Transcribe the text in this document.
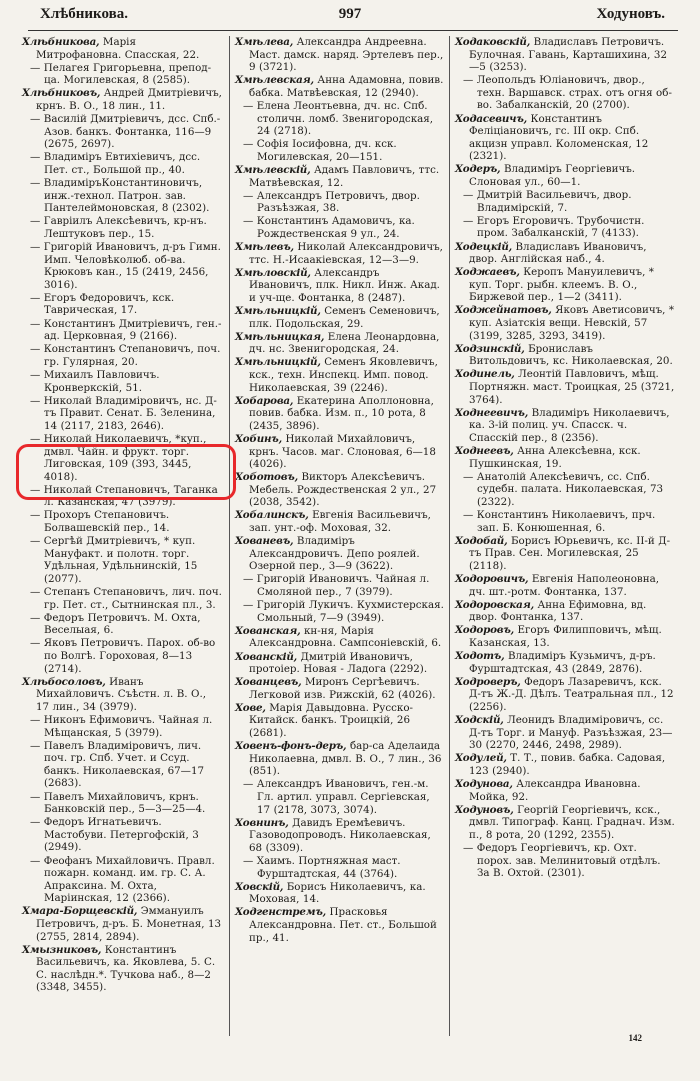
Хлѣбникова.	997	Ходуновъ.
Хлѣбникова, Марія Митрофановна. Спасская, 22.
— Пелагея Григорьевна, препод-ца. Могилевская, 8 (2585).
Хлѣбниковъ, Андрей Дмитріевичъ, крнъ. В. О., 18 лин., 11.
— Василій Дмитріевичъ, дсс. Спб.-Азов. банкъ. Фонтанка, 116—9 (2675, 2697).
— Владиміръ Евтихіевичъ, дсс. Пет. ст., Большой пр., 40.
— ВладиміръКонстантиновичъ, инж.-технол. Патрон. зав. Пантелеймоновская, 8 (2302).
— Гавріилъ Алексѣевичъ, кр-нъ. Лештуковъ пер., 15.
— Григорій Ивановичъ, д-ръ Гимн. Имп. Человѣколюб. об-ва. Крюковъ кан., 15 (2419, 2456, 3016).
— Егоръ Федоровичъ, кск. Таврическая, 17.
— Константинъ Дмитріевичъ, ген.-ад. Церковная, 9 (2166).
— Константинъ Степановичъ, поч. гр. Гулярная, 20.
— Михаилъ Павловичъ. Кронверкскій, 51.
— Николай Владиміровичъ, нс. Д-тъ Правит. Сенат. Б. Зеленина, 14 (2117, 2183, 2646).
— Николай Николаевичъ, *куп., дмвл. Чайн. и фрукт. торг. Лиговская, 109 (393, 3445, 4018).
— Николай Степановичъ, Таганка л. Казанская, 47 (3979).
— Прохоръ Степановичъ. Болвашевскій пер., 14.
— Сергѣй Дмитріевичъ, * куп. Мануфакт. и полотн. торг. Удѣльная, Удѣльнинскій, 15 (2077).
— Степанъ Степановичъ, лич. поч. гр. Пет. ст., Сытнинская пл., 3.
— Федоръ Петровичъ. М. Охта, Веселыая, 6.
— Яковъ Петровичъ. Парох. об-во по Волгѣ. Гороховая, 8—13 (2714).
Хлѣбосоловъ, Иванъ Михайловичъ. Съѣстн. л. В. О., 17 лин., 34 (3979).
— Никонъ Ефимовичъ. Чайная л. Мѣщанская, 5 (3979).
— Павелъ Владиміровичъ, лич. поч. гр. Спб. Учет. и Ссуд. банкъ. Николаевская, 67—17 (2683).
— Павелъ Михайловичъ, крнъ. Банковскій пер., 5—3—25—4.
— Федоръ Игнатьевичъ. Мастобуви. Петергофскій, 3 (2949).
— Феофанъ Михайловичъ. Правл. пожарн. команд. им. гр. С. А. Апраксина. М. Охта, Маріинская, 12 (2366).
Хмара-Борщевскій, Эммануилъ Петровичъ, д-ръ. Б. Монетная, 13 (2755, 2814, 2894).
Хмызниковъ, Константинъ Васильевичъ, ка. Яковлева, 5. С. С. наслѣдн.*. Тучкова наб., 8—2 (3348, 3455).
Хмѣлева, Александра Андреевна. Маст. дамск. наряд. Эртелевъ пер., 9 (3721).
Хмѣлевская, Анна Адамовна, повив. бабка. Матвѣевская, 12 (2940).
— Елена Леонтьевна, дч. нс. Спб. столичн. ломб. Звенигородская, 24 (2718).
— Софія Іосифовна, дч. кск. Могилевская, 20—151.
Хмѣлевскій, Адамъ Павловичъ, ттс. Матвѣевская, 12.
— Александръ Петровичъ, двор. Разъѣзжая, 38.
— Константинъ Адамовичъ, ка. Рождественская 9 ул., 24.
Хмѣлевъ, Николай Александровичъ, ттс. Н.-Исаакіевская, 12—3—9.
Хмѣловскій, Александръ Ивановичъ, плк. Никл. Инж. Акад. и уч-ще. Фонтанка, 8 (2487).
Хмѣльницкій, Семенъ Семеновичъ, плк. Подольская, 29.
Хмѣльницкая, Елена Леонардовна, дч. нс. Звенигородская, 24.
Хмѣльницкій, Семенъ Яковлевичъ, кск., техн. Инспекц. Имп. повод. Николаевская, 39 (2246).
Хобарова, Екатерина Аполлоновна, повив. бабка. Изм. п., 10 рота, 8 (2435, 3896).
Хобинъ, Николай Михайловичъ, крнъ. Часов. маг. Слоновая, 6—18 (4026).
Хоботовъ, Викторъ Алексѣевичъ. Мебель. Рождественская 2 ул., 27 (2038, 3542).
Хобалинскъ, Евгенія Васильевичъ, зап. унт.-оф. Моховая, 32.
Хованевъ, Владиміръ Александровичъ. Депо роялей. Озерной пер., 3—9 (3622).
— Григорій Ивановичъ. Чайная л. Смоляной пер., 7 (3979).
— Григорій Лукичъ. Кухмистерская. Смольный, 7—9 (3949).
Хованская, кн-ня, Марія Александровна. Сампсоніевскій, 6.
Хованскій, Дмитрій Ивановичъ, протоіер. Новая - Ладога (2292).
Хованцевъ, Миронъ Сергѣевичъ. Легковой изв. Рижскій, 62 (4026).
Хове, Марія Давыдовна. Русско-Китайск. банкъ. Троицкій, 26 (2681).
Ховенъ-фонъ-деръ, бар-са Аделаида Николаевна, дмвл. В. О., 7 лин., 36 (851).
— Александръ Ивановичъ, ген.-м. Гл. артил. управл. Сергіевская, 17 (2178, 3073, 3074).
Ховнинъ, Давидъ Еремѣевичъ. Газоводопроводъ. Николаевская, 68 (3309).
— Хаимъ. Портняжная маст. Фурштадтская, 44 (3764).
Ховскій, Борисъ Николаевичъ, ка. Моховая, 14.
Ходгенстремъ, Прасковья Александровна. Пет. ст., Большой пр., 41.
Ходаковскій, Владиславъ Петровичъ. Булочная. Гавань, Карташихина, 32—5 (3253).
— Леопольдъ Юліановичъ, двор., техн. Варшавск. страх. отъ огня об-во. Забалканскій, 20 (2700).
Ходасевичъ, Константинъ Феліціановичъ, гс. III окр. Спб. акцизн управл. Коломенская, 12 (2321).
Ходеръ, Владиміръ Георгіевичъ. Слоновая ул., 60—1.
— Дмитрій Васильевичъ, двор. Владимірскій, 7.
— Егоръ Егоровичъ. Трубочистн. пром. Забалканскій, 7 (4133).
Ходецкій, Владиславъ Ивановичъ, двор. Англійская наб., 4.
Ходжаевъ, Керопъ Мануилевичъ, * куп. Торг. рыбн. клеемъ. В. О., Биржевой пер., 1—2 (3411).
Ходжейнатовъ, Яковъ Аветисовичъ, * куп. Азіатскія вещи. Невскій, 57 (3199, 3285, 3293, 3419).
Ходзинскій, Брониславъ Витольдовичъ, кс. Николаевская, 20.
Ходинель, Леонтій Павловичъ, мѣщ. Портняжн. маст. Троицкая, 25 (3721, 3764).
Ходнеевичъ, Владиміръ Николаевичъ, ка. 3-ій полиц. уч. Спасск. ч. Спасскій пер., 8 (2356).
Ходнеевъ, Анна Алексѣевна, кск. Пушкинская, 19.
— Анатолій Алексѣевичъ, сс. Спб. судебн. палата. Николаевская, 73 (2322).
— Константинъ Николаевичъ, прч. зап. Б. Конюшенная, 6.
Ходобай, Борисъ Юрьевичъ, кс. II-й Д-тъ Прав. Сен. Могилевская, 25 (2118).
Ходоровичъ, Евгенія Наполеоновна, дч. шт.-ротм. Фонтанка, 137.
Ходоровская, Анна Ефимовна, вд. двор. Фонтанка, 137.
Ходоровъ, Егоръ Филипповичъ, мѣщ. Казанская, 13.
Ходотъ, Владиміръ Кузьмичъ, д-ръ. Фурштадтская, 43 (2849, 2876).
Ходроверъ, Федоръ Лазаревичъ, кск. Д-тъ Ж.-Д. Дѣлъ. Театральная пл., 12 (2256).
Ходскій, Леонидъ Владиміровичъ, сс. Д-тъ Торг. и Мануф. Разъѣзжая, 23—30 (2270, 2446, 2498, 2989).
Ходулей, Т. Т., повив. бабка. Садовая, 123 (2940).
Ходунова, Александра Ивановна. Мойка, 92.
Ходуновъ, Георгій Георгіевичъ, кск., дмвл. Типограф. Канц. Граднач. Изм. п., 8 рота, 20 (1292, 2355).
— Федоръ Георгіевичъ, кр. Охт. порох. зав. Мелинитовый отдѣлъ. За В. Охтой. (2301).
142
